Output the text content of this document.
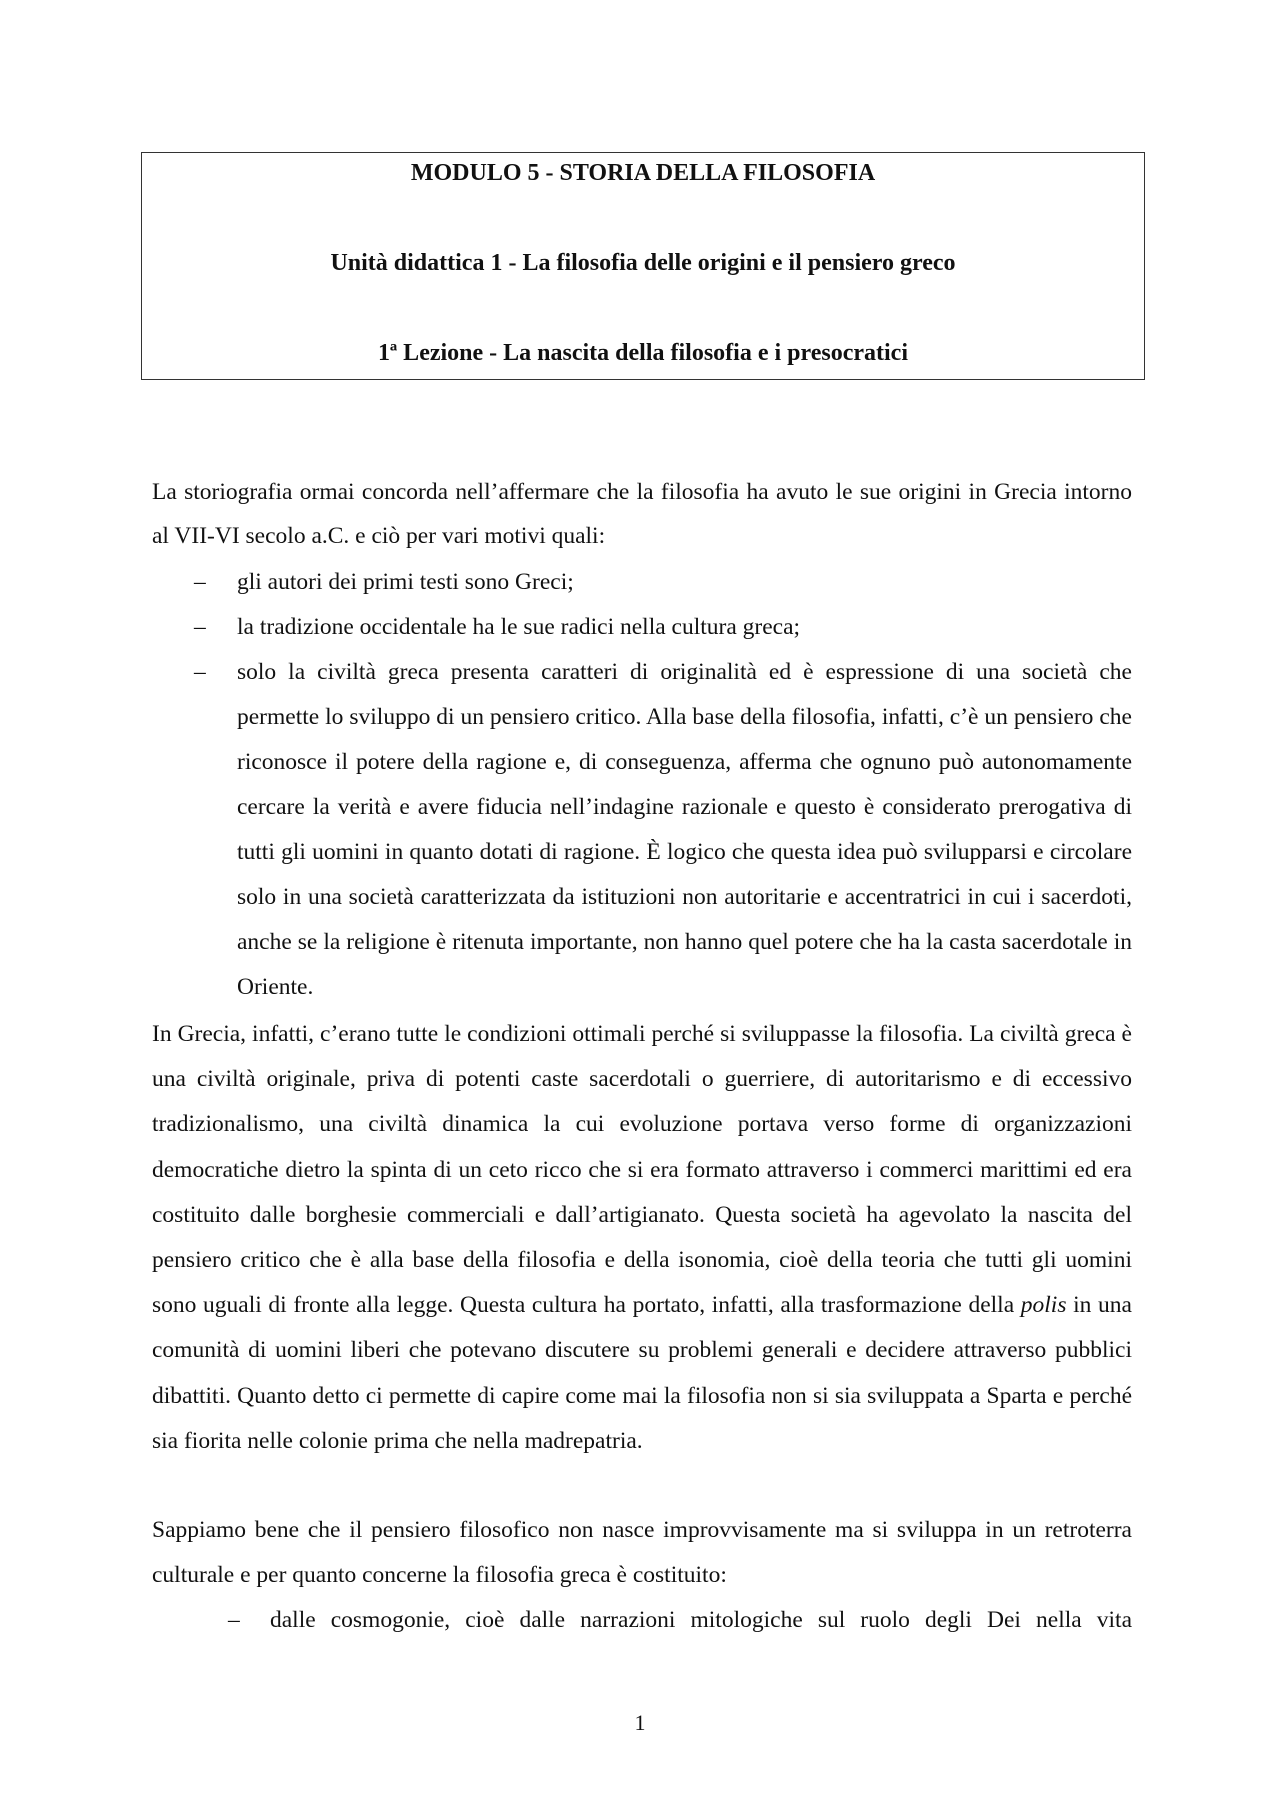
MODULO 5 - STORIA DELLA FILOSOFIA
Unità didattica 1 - La filosofia delle origini e il pensiero greco
1ª Lezione - La nascita della filosofia e i presocratici

La storiografia ormai concorda nell’affermare che la filosofia ha avuto le sue origini in Grecia intorno al VII-VI secolo a.C. e ciò per vari motivi quali:

– gli autori dei primi testi sono Greci;
– la tradizione occidentale ha le sue radici nella cultura greca;
– solo la civiltà greca presenta caratteri di originalità ed è espressione di una società che permette lo sviluppo di un pensiero critico. Alla base della filosofia, infatti, c’è un pensiero che riconosce il potere della ragione e, di conseguenza, afferma che ognuno può autonomamente cercare la verità e avere fiducia nell’indagine razionale e questo è considerato prerogativa di tutti gli uomini in quanto dotati di ragione. È logico che questa idea può svilupparsi e circolare solo in una società caratterizzata da istituzioni non autoritarie e accentratrici in cui i sacerdoti, anche se la religione è ritenuta importante, non hanno quel potere che ha la casta sacerdotale in Oriente.

In Grecia, infatti, c’erano tutte le condizioni ottimali perché si sviluppasse la filosofia. La civiltà greca è una civiltà originale, priva di potenti caste sacerdotali o guerriere, di autoritarismo e di eccessivo tradizionalismo, una civiltà dinamica la cui evoluzione portava verso forme di organizzazioni democratiche dietro la spinta di un ceto ricco che si era formato attraverso i commerci marittimi ed era costituito dalle borghesie commerciali e dall’artigianato. Questa società ha agevolato la nascita del pensiero critico che è alla base della filosofia e della isonomia, cioè della teoria che tutti gli uomini sono uguali di fronte alla legge. Questa cultura ha portato, infatti, alla trasformazione della polis in una comunità di uomini liberi che potevano discutere su problemi generali e decidere attraverso pubblici dibattiti. Quanto detto ci permette di capire come mai la filosofia non si sia sviluppata a Sparta e perché sia fiorita nelle colonie prima che nella madrepatria.

Sappiamo bene che il pensiero filosofico non nasce improvvisamente ma si sviluppa in un retroterra culturale e per quanto concerne la filosofia greca è costituito:

– dalle cosmogonie, cioè dalle narrazioni mitologiche sul ruolo degli Dei nella vita
1
